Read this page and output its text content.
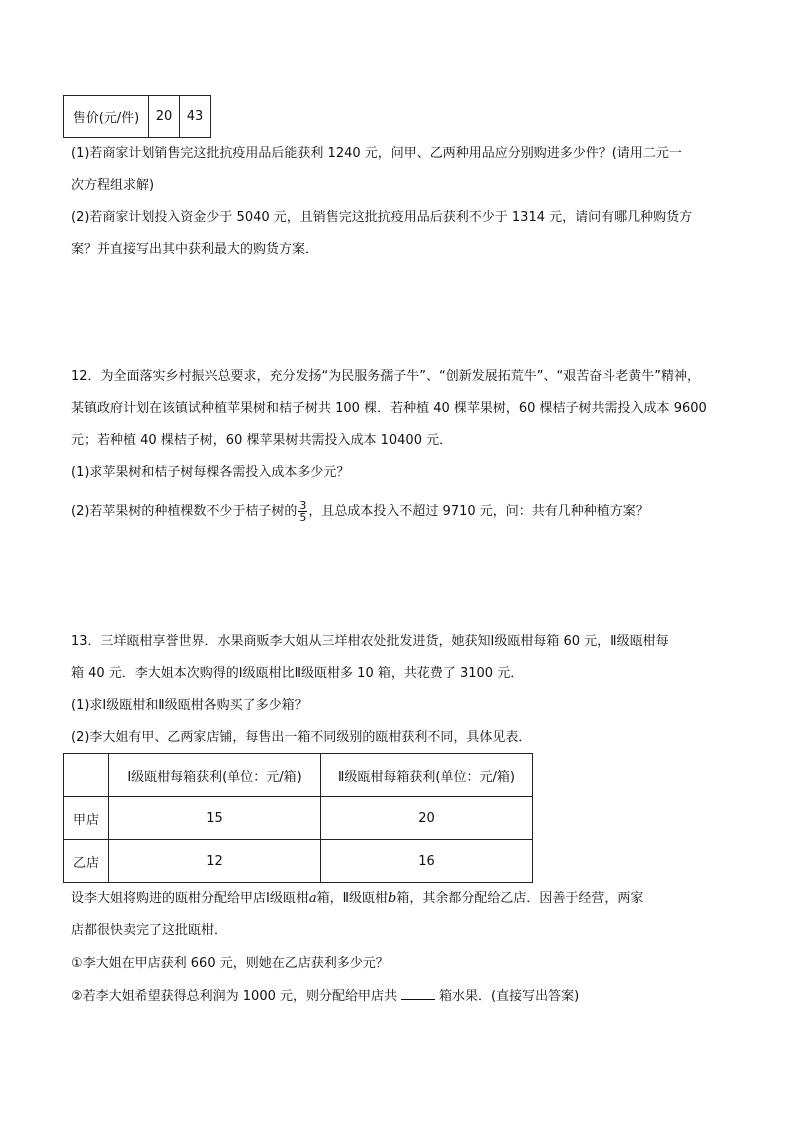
售价(元/件)	20	43
(1)若商家计划销售完这批抗疫用品后能获利 1240 元，问甲、乙两种用品应分别购进多少件？(请用二元一
次方程组求解)
(2)若商家计划投入资金少于 5040 元，且销售完这批抗疫用品后获利不少于 1314 元，请问有哪几种购货方
案？并直接写出其中获利最大的购货方案．
12．为全面落实乡村振兴总要求，充分发扬“为民服务孺子牛”、“创新发展拓荒牛”、“艰苦奋斗老黄牛”精神，
某镇政府计划在该镇试种植苹果树和桔子树共 100 棵．若种植 40 棵苹果树，60 棵桔子树共需投入成本 9600
元；若种植 40 棵桔子树，60 棵苹果树共需投入成本 10400 元．
(1)求苹果树和桔子树每棵各需投入成本多少元？
(2)若苹果树的种植棵数不少于桔子树的 $\frac{3}{5}$ ，且总成本投入不超过 9710 元，问：共有几种种植方案？
13．三垟瓯柑享誉世界．水果商贩李大姐从三垟柑农处批发进货，她获知Ⅰ级瓯柑每箱 60 元，Ⅱ级瓯柑每
箱 40 元．李大姐本次购得的Ⅰ级瓯柑比Ⅱ级瓯柑多 10 箱，共花费了 3100 元．
(1)求Ⅰ级瓯柑和Ⅱ级瓯柑各购买了多少箱？
(2)李大姐有甲、乙两家店铺，每售出一箱不同级别的瓯柑获利不同，具体见表．
	Ⅰ级瓯柑每箱获利(单位：元/箱)	Ⅱ级瓯柑每箱获利(单位：元/箱)
甲店	15	20
乙店	12	16
设李大姐将购进的瓯柑分配给甲店Ⅰ级瓯柑a箱，Ⅱ级瓯柑b箱，其余都分配给乙店．因善于经营，两家
店都很快卖完了这批瓯柑．
①李大姐在甲店获利 660 元，则她在乙店获利多少元？
②若李大姐希望获得总利润为 1000 元，则分配给甲店共	箱水果．(直接写出答案)
